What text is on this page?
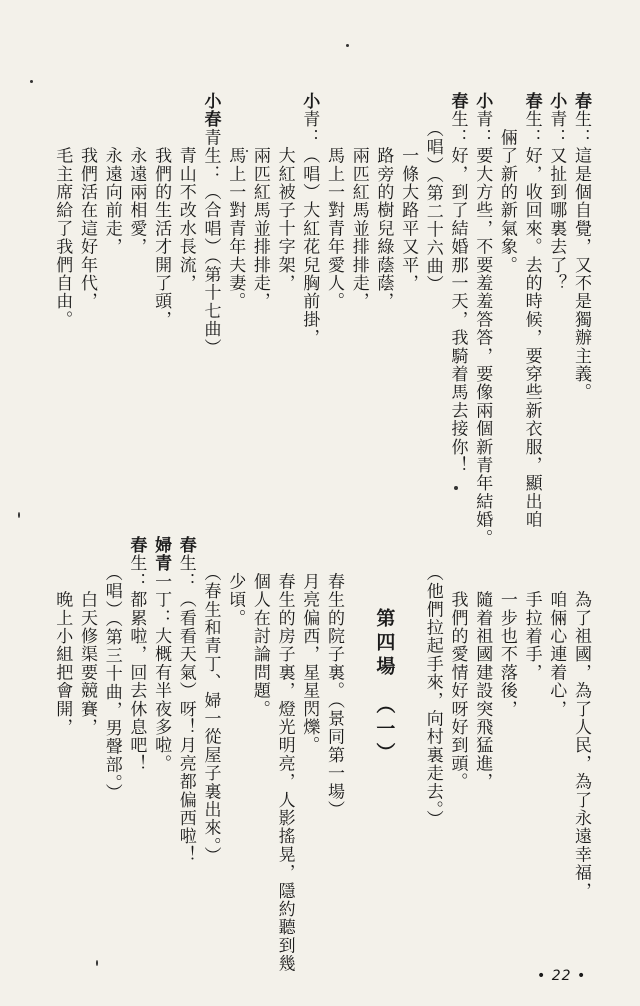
春生：這是個自覺，又不是獨辦主義。
小青：又扯到哪裏去了？
春生：好，收回來。去的時候，要穿些新衣服，顯出咱
　　倆了新的新氣象。
小青：要大方些，不要羞羞答答，要像兩個新青年結婚。
春生：好，到了結婚那一天，我騎着馬去接你！
　　（唱）（第二十六曲）
　　　一條大路平又平，
　　　路旁的樹兒綠蔭蔭，
　　　兩匹紅馬並排排走，
　　　馬上一對青年愛人。
小青：（唱）大紅花兒胸前掛，
　　　大紅被子十字架，
　　　兩匹紅馬並排排走，
　　　馬上一對青年夫妻。
小春青生：（合唱）（第十七曲）
　　　青山不改水長流，
　　　我們的生活才開了頭，
　　　永遠兩相愛，
　　　永遠向前走，
　　　我們活在這好年代，
　　　毛主席給了我們自由。
　　　為了祖國，為了人民，為了永遠幸福，
　　　咱倆心連着心，
　　　手拉着手，
　　　一步也不落後，
　　　隨着祖國建設突飛猛進，
　　　我們的愛情好呀好到頭。
　　（他們拉起手來，向村裏走去。）
　　　第四場　（一）
　　春生的院子裏。（景同第一場）
　　月亮偏西，星星閃爍。
　　春生的房子裏，燈光明亮，人影搖晃，隱約聽到幾
　　個人在討論問題。
　　少頃。
　　（春生和青丁、婦一從屋子裏出來。）
春生：（看看天氣）呀！月亮都偏西啦！
婦青一丁：大概有半夜多啦。
春生：都累啦，回去休息吧！
　　（唱）（第三十曲，男聲部。）
　　　白天修渠要競賽，
　　　晚上小組把會開，
• 22 •
